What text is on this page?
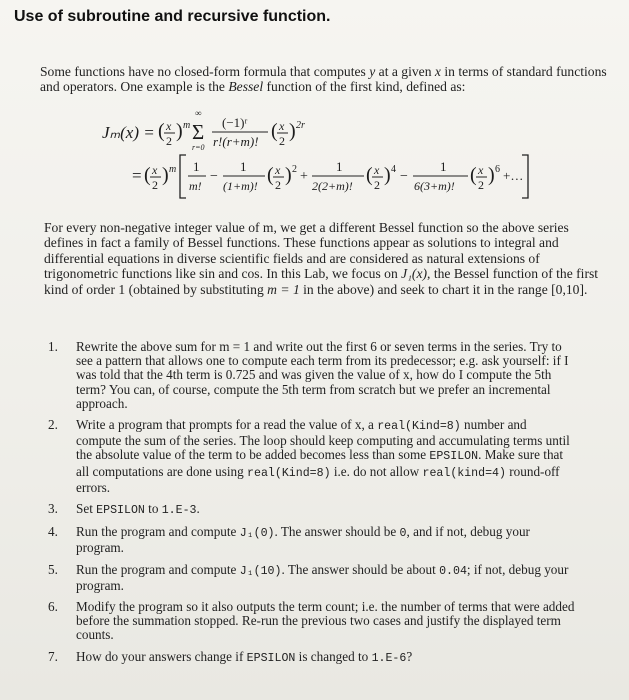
Use of subroutine and recursive function.

Some functions have no closed-form formula that computes y at a given x in terms of standard functions and operators. One example is the Bessel function of the first kind, defined as:

Jₘ(x) = ( x
2 ) m
∞
Σ
r=0
(−1)ʳ
r!(r+m)! ( x
2 ) 2r
= ( x
2 ) m 1
m!
−
1
(1+m)! ( x
2 ) 2 +
1
2(2+m)! ( x
2 ) 4 −
1
6(3+m)! ( x
2 ) 6 +…

For every non-negative integer value of m, we get a different Bessel function so the above series defines in fact a family of Bessel functions. These functions appear as solutions to integral and differential equations in diverse scientific fields and are considered as natural extensions of trigonometric functions like sin and cos. In this Lab, we focus on J₁(x), the Bessel function of the first kind of order 1 (obtained by substituting m = 1 in the above) and seek to chart it in the range [0,10].

1. Rewrite the above sum for m = 1 and write out the first 6 or seven terms in the series. Try to see a pattern that allows one to compute each term from its predecessor; e.g. ask yourself: if I was told that the 4th term is 0.725 and was given the value of x, how do I compute the 5th term? You can, of course, compute the 5th term from scratch but we prefer an incremental approach.
2. Write a program that prompts for a read the value of x, a real(Kind=8) number and compute the sum of the series. The loop should keep computing and accumulating terms until the absolute value of the term to be added becomes less than some EPSILON. Make sure that all computations are done using real(Kind=8) i.e. do not allow real(kind=4) round-off errors.
3. Set EPSILON to 1.E-3.
4. Run the program and compute J₁(0). The answer should be 0, and if not, debug your program.
5. Run the program and compute J₁(10). The answer should be about 0.04; if not, debug your program.
6. Modify the program so it also outputs the term count; i.e. the number of terms that were added before the summation stopped. Re-run the previous two cases and justify the displayed term counts.
7. How do your answers change if EPSILON is changed to 1.E-6?
